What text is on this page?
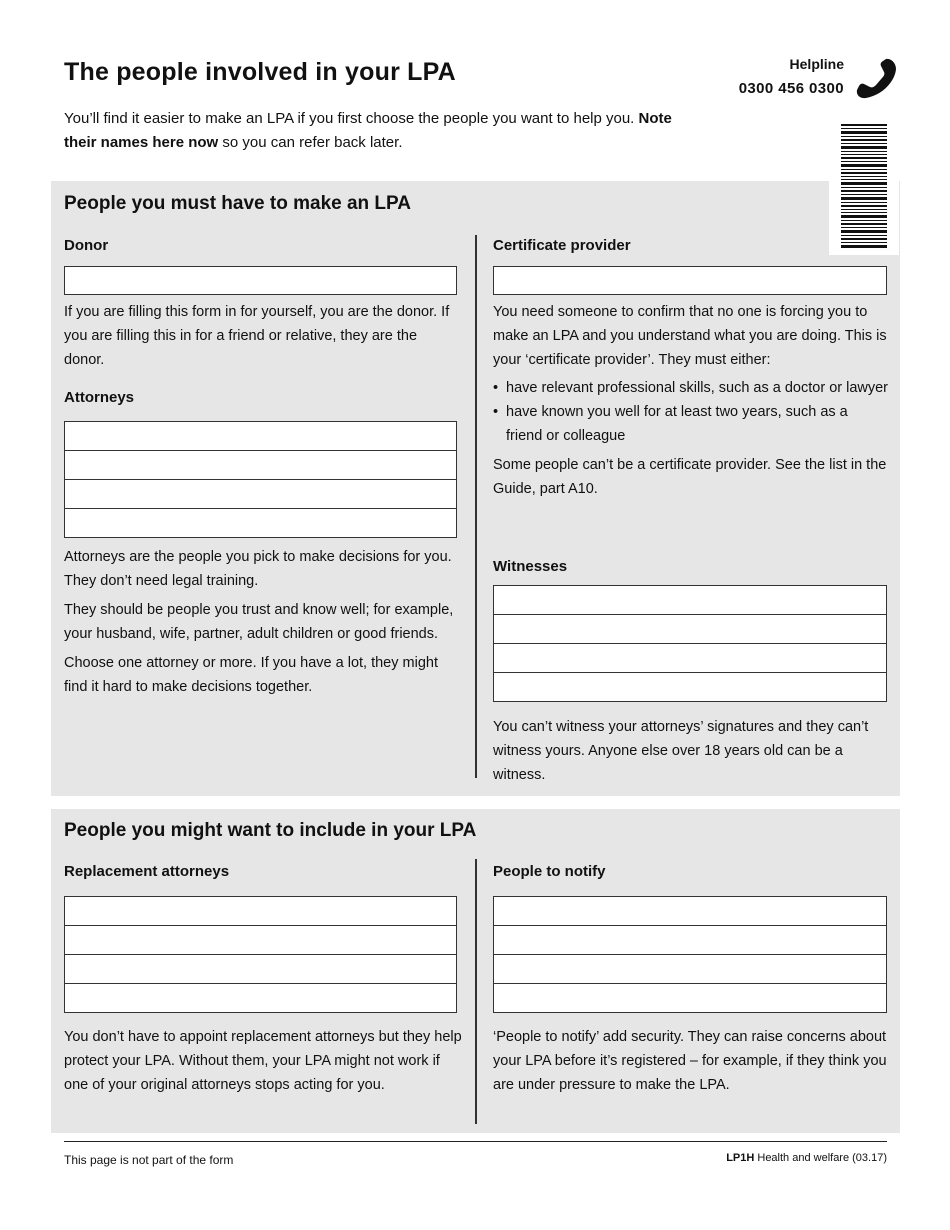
The people involved in your LPA
You’ll find it easier to make an LPA if you first choose the people you want to help you. Note their names here now so you can refer back later.
Helpline
0300 456 0300
People you must have to make an LPA
Donor

If you are filling this form in for yourself, you are the donor. If you are filling this in for a friend or relative, they are the donor.

Attorneys

Attorneys are the people you pick to make decisions for you. They don’t need legal training.

They should be people you trust and know well; for example, your husband, wife, partner, adult children or good friends.

Choose one attorney or more. If you have a lot, they might find it hard to make decisions together.

Certificate provider

You need someone to confirm that no one is forcing you to make an LPA and you understand what you are doing. This is your ‘certificate provider’. They must either:

• have relevant professional skills, such as a doctor or lawyer
• have known you well for at least two years, such as a friend or colleague

Some people can’t be a certificate provider. See the list in the Guide, part A10.

Witnesses

You can’t witness your attorneys’ signatures and they can’t witness yours. Anyone else over 18 years old can be a witness.

People you might want to include in your LPA
Replacement attorneys

You don’t have to appoint replacement attorneys but they help protect your LPA. Without them, your LPA might not work if one of your original attorneys stops acting for you.

People to notify

‘People to notify’ add security. They can raise concerns about your LPA before it’s registered – for example, if they think you are under pressure to make the LPA.

This page is not part of the form	LP1H Health and welfare (03.17)
